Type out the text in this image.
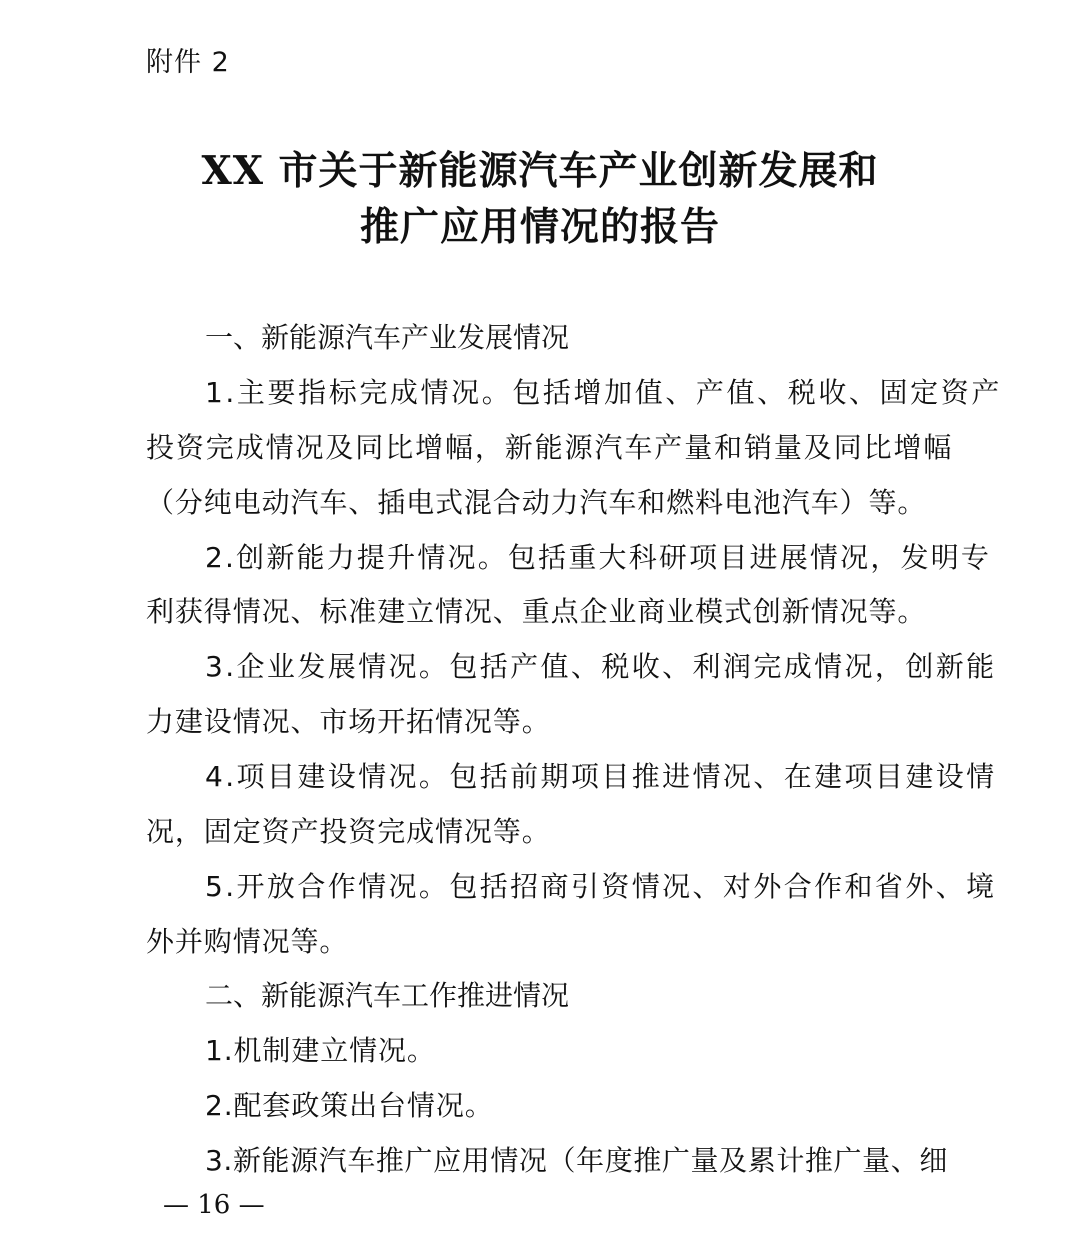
附件 2
XX 市关于新能源汽车产业创新发展和
推广应用情况的报告
一、新能源汽车产业发展情况
1.主要指标完成情况。包括增加值、产值、税收、固定资产
投资完成情况及同比增幅，新能源汽车产量和销量及同比增幅
（分纯电动汽车、插电式混合动力汽车和燃料电池汽车）等。
2.创新能力提升情况。包括重大科研项目进展情况，发明专
利获得情况、标准建立情况、重点企业商业模式创新情况等。
3.企业发展情况。包括产值、税收、利润完成情况，创新能
力建设情况、市场开拓情况等。
4.项目建设情况。包括前期项目推进情况、在建项目建设情
况，固定资产投资完成情况等。
5.开放合作情况。包括招商引资情况、对外合作和省外、境
外并购情况等。
二、新能源汽车工作推进情况
1.机制建立情况。
2.配套政策出台情况。
3.新能源汽车推广应用情况（年度推广量及累计推广量、细
— 16 —
